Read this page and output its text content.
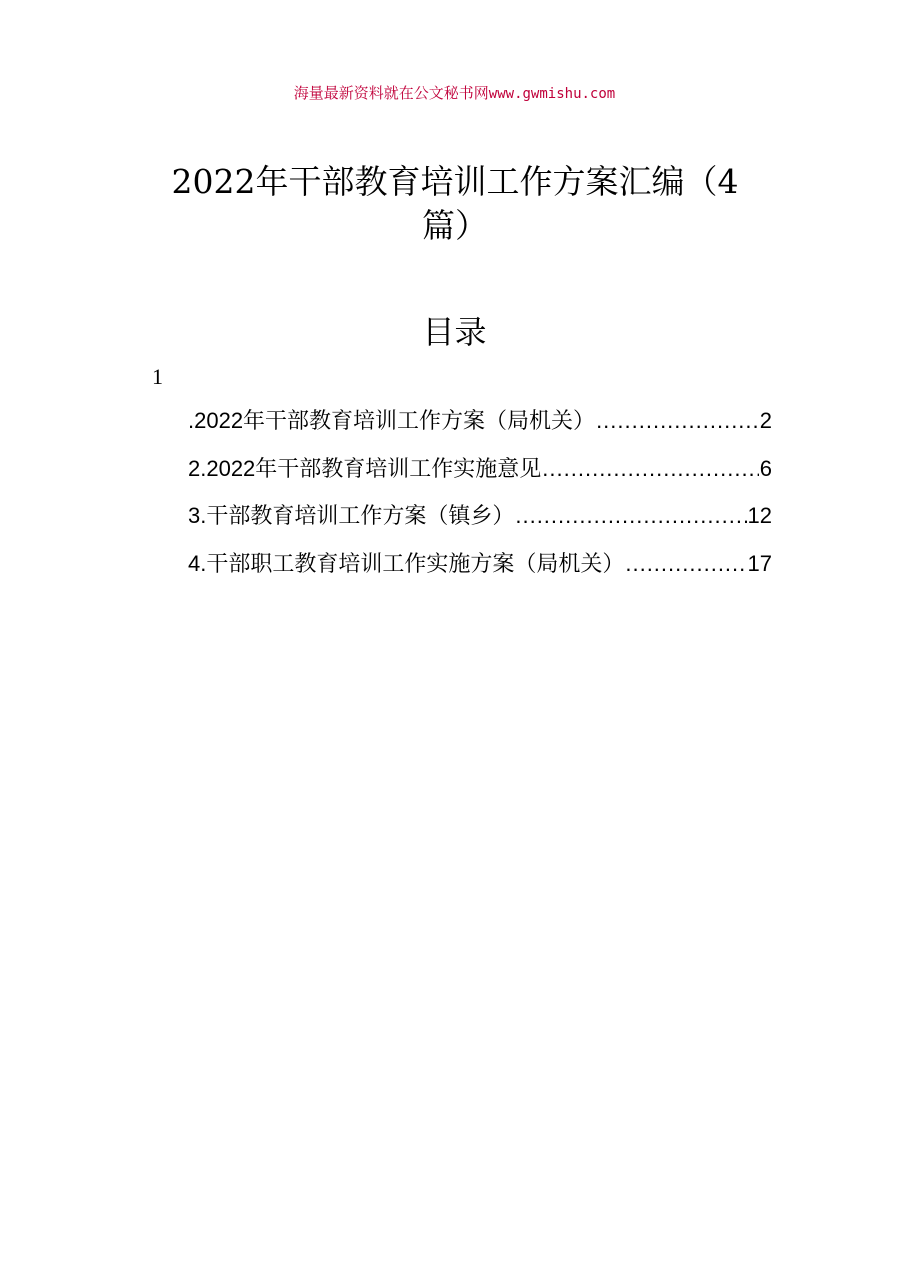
海量最新资料就在公文秘书网www.gwmishu.com
2022年干部教育培训工作方案汇编（4篇）
目录
1
.2022年干部教育培训工作方案（局机关） .....	2
2.2022年干部教育培训工作实施意见 .....	6
3.干部教育培训工作方案（镇乡） .....	12
4.干部职工教育培训工作实施方案（局机关） .....	17
